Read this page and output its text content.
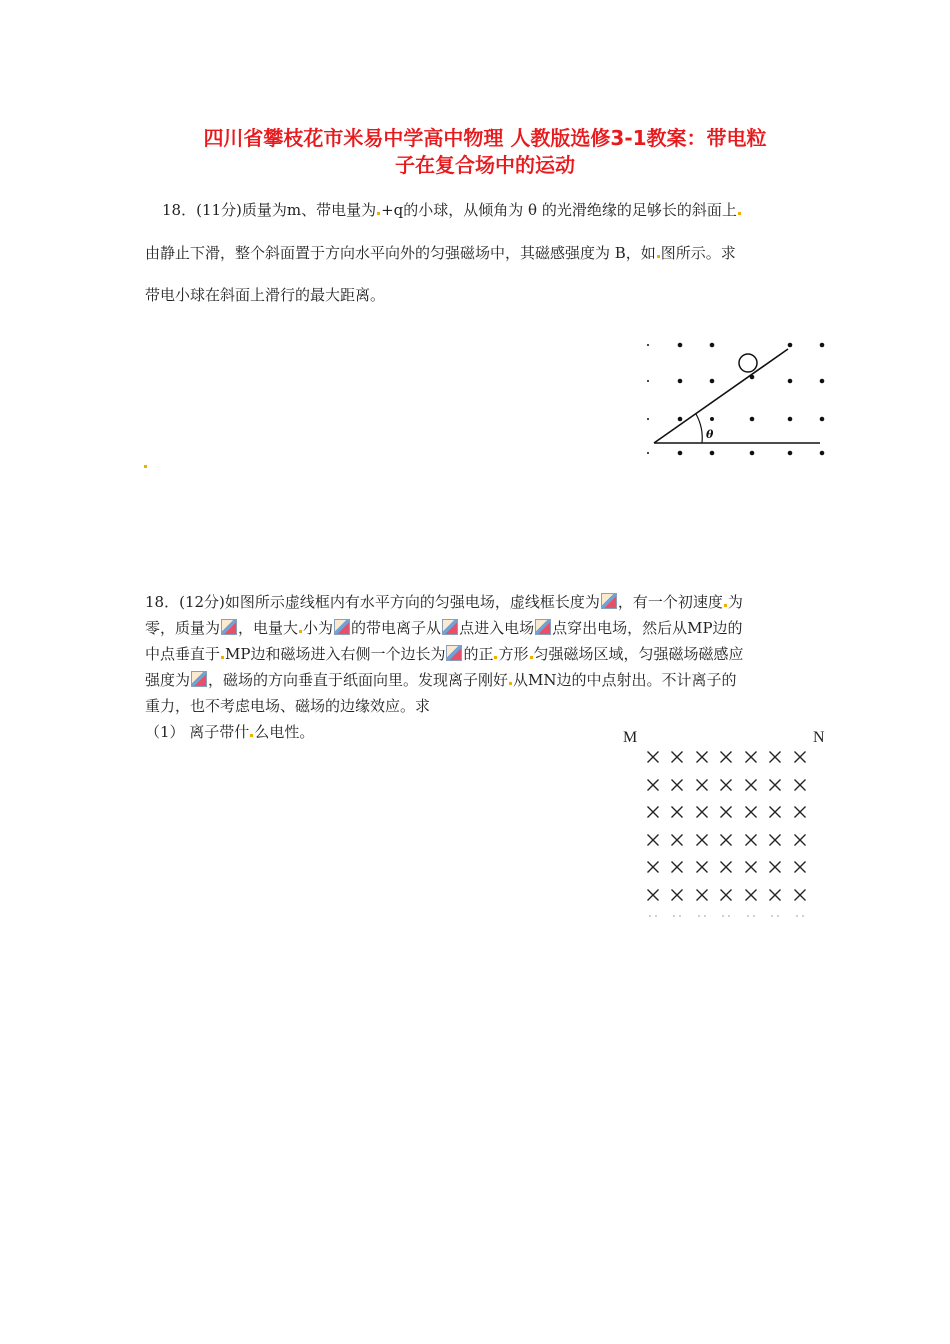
四川省攀枝花市米易中学高中物理 人教版选修3-1教案：带电粒
子在复合场中的运动
18．(11分)质量为m、带电量为 +q的小球，从倾角为 θ 的光滑绝缘的足够长的斜面上
由静止下滑，整个斜面置于方向水平向外的匀强磁场中，其磁感强度为 B，如 图所示。求
带电小球在斜面上滑行的最大距离。
θ
18．(12分)如图所示虚线框内有水平方向的匀强电场，虚线框长度为 ，有一个初速度 为
零，质量为 ，电量大 小为 的带电离子从 点进入电场 点穿出电场，然后从MP边的
中点垂直于 MP边和磁场进入右侧一个边长为 的正 方形 匀强磁场区域，匀强磁场磁感应
强度为 ，磁场的方向垂直于纸面向里。发现离子刚好 从MN边的中点射出。不计离子的
重力，也不考虑电场、磁场的边缘效应。求
（1） 离子带什 么电性。	M	N
